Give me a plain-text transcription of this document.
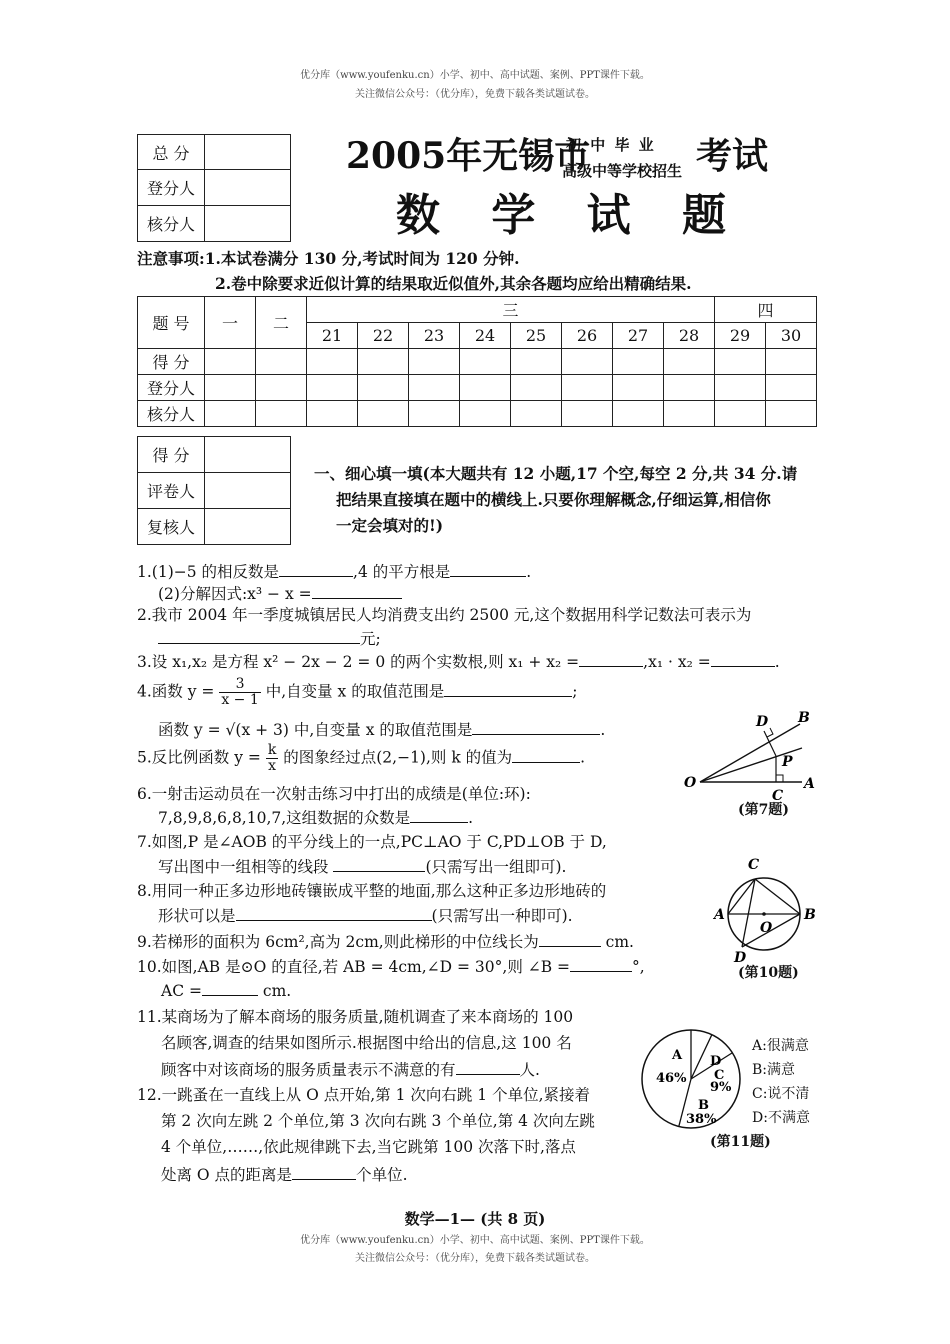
优分库（www.youfenku.cn）小学、初中、高中试题、案例、PPT课件下载。
关注微信公众号：（优分库），免费下载各类试题试卷。
总 分	
登分人	
核分人	
2005年无锡市
初 中 毕 业
高级中等学校招生 考试
数 学 试 题
注意事项:1.本试卷满分 130 分,考试时间为 120 分钟.
2.卷中除要求近似计算的结果取近似值外,其余各题均应给出精确结果.
题 号	一	二	三								四	
			21	22	23	24	25	26	27	28	29	30
得 分												
登分人												
核分人												
得 分	
评卷人	
复核人	
一、细心填一填(本大题共有 12 小题,17 个空,每空 2 分,共 34 分.请
把结果直接填在题中的横线上.只要你理解概念,仔细运算,相信你
一定会填对的!)
1.(1)−5 的相反数是	,4 的平方根是	.
(2)分解因式:x³ − x =
2.我市 2004 年一季度城镇居民人均消费支出约 2500 元,这个数据用科学记数法可表示为
元;
3.设 x₁,x₂ 是方程 x² − 2x − 2 = 0 的两个实数根,则 x₁ + x₂ =	,x₁ · x₂ =	.
4.函数 $y = \frac{3}{x - 1}$ 中,自变量 x 的取值范围是	;
函数 y = √(x + 3) 中,自变量 x 的取值范围是	.
5.反比例函数 $y = \frac{k}{x}$ 的图象经过点(2,−1),则 k 的值为	.
6.一射击运动员在一次射击练习中打出的成绩是(单位:环):
7,8,9,8,6,8,10,7,这组数据的众数是	.
7.如图,P 是∠AOB 的平分线上的一点,PC⊥AO 于 C,PD⊥OB 于 D,
写出图中一组相等的线段	(只需写出一组即可).
8.用同一种正多边形地砖镶嵌成平整的地面,那么这种正多边形地砖的
形状可以是	(只需写出一种即可).
9.若梯形的面积为 6cm²,高为 2cm,则此梯形的中位线长为	cm.
10.如图,AB 是⊙O 的直径,若 AB = 4cm,∠D = 30°,则 ∠B =	°,
AC =	cm.
11.某商场为了解本商场的服务质量,随机调查了来本商场的 100
名顾客,调查的结果如图所示.根据图中给出的信息,这 100 名
顾客中对该商场的服务质量表示不满意的有	人.
12.一跳蚤在一直线上从 O 点开始,第 1 次向右跳 1 个单位,紧接着
第 2 次向左跳 2 个单位,第 3 次向右跳 3 个单位,第 4 次向左跳
4 个单位,……,依此规律跳下去,当它跳第 100 次落下时,落点
处离 O 点的距离是	个单位.
O	A
B
C
D
P
(第7题)
A	B
C
D
O
(第10题)
A
46%
D
C
9%
B
38%
A:很满意
B:满意
C:说不清
D:不满意
(第11题)
数学—1— (共 8 页)
优分库（www.youfenku.cn）小学、初中、高中试题、案例、PPT课件下载。
关注微信公众号：（优分库），免费下载各类试题试卷。
